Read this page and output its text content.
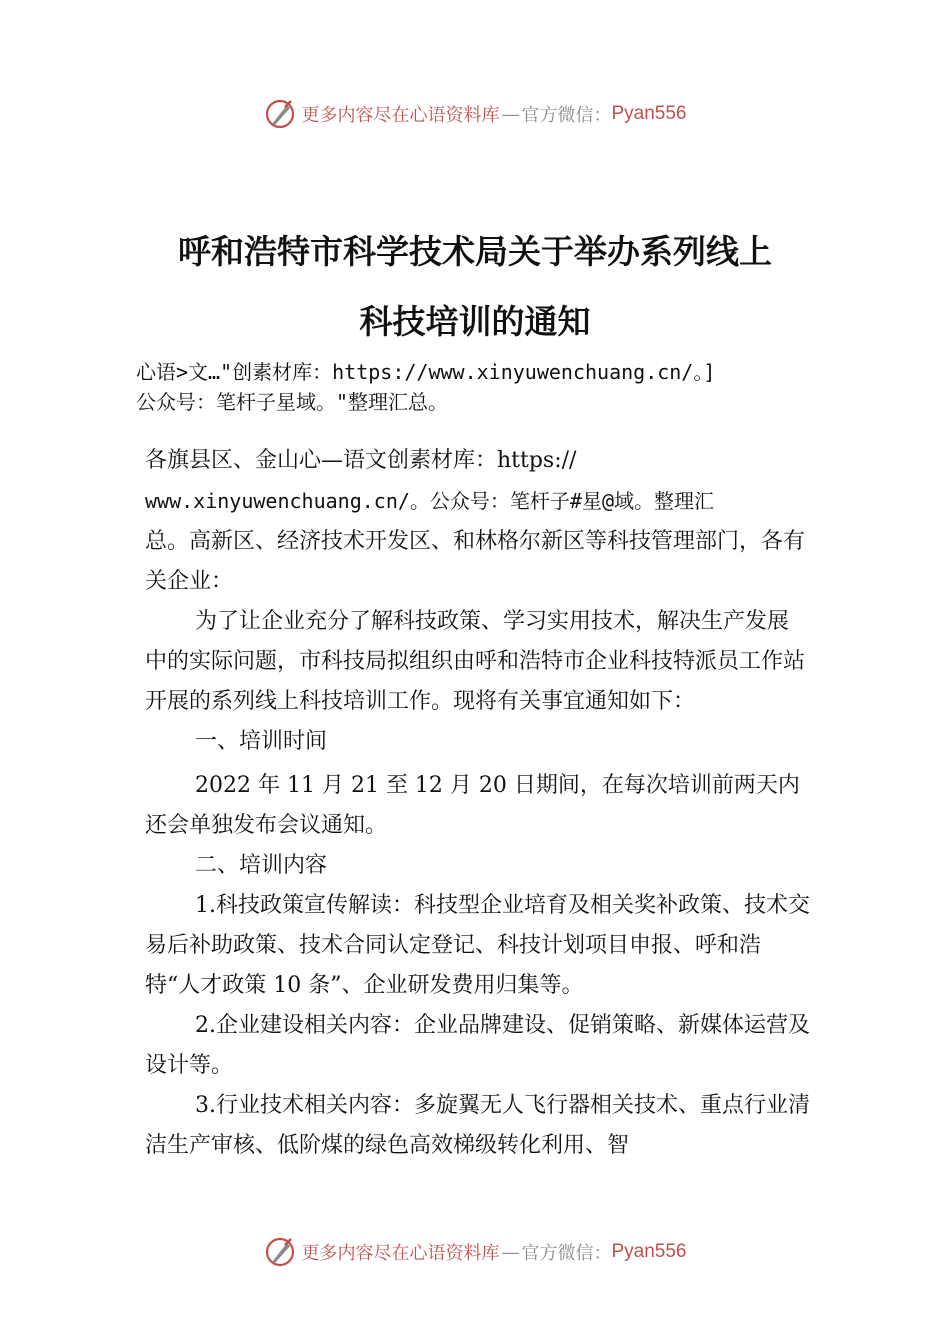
更多内容尽在心语资料库 — 官方微信： Pyan556
呼和浩特市科学技术局关于举办系列线上
科技培训的通知
心语>文…"创素材库：https://www.xinyuwenchuang.cn/。]
公众号：笔杆子星域。"整理汇总。

各旗县区、金山心—语文创素材库：https://
www.xinyuwenchuang.cn/。公众号：笔杆子#星@域。整理汇
总。高新区、经济技术开发区、和林格尔新区等科技管理部门，各有关企业：

为了让企业充分了解科技政策、学习实用技术，解决生产发展中的实际问题，市科技局拟组织由呼和浩特市企业科技特派员工作站开展的系列线上科技培训工作。现将有关事宜通知如下：

一、培训时间

2022 年 11 月 21 至 12 月 20 日期间，在每次培训前两天内还会单独发布会议通知。

二、培训内容

1.科技政策宣传解读：科技型企业培育及相关奖补政策、技术交易后补助政策、技术合同认定登记、科技计划项目申报、呼和浩特“人才政策 10 条”、企业研发费用归集等。

2.企业建设相关内容：企业品牌建设、促销策略、新媒体运营及设计等。

3.行业技术相关内容：多旋翼无人飞行器相关技术、重点行业清洁生产审核、低阶煤的绿色高效梯级转化利用、智

更多内容尽在心语资料库 — 官方微信： Pyan556
